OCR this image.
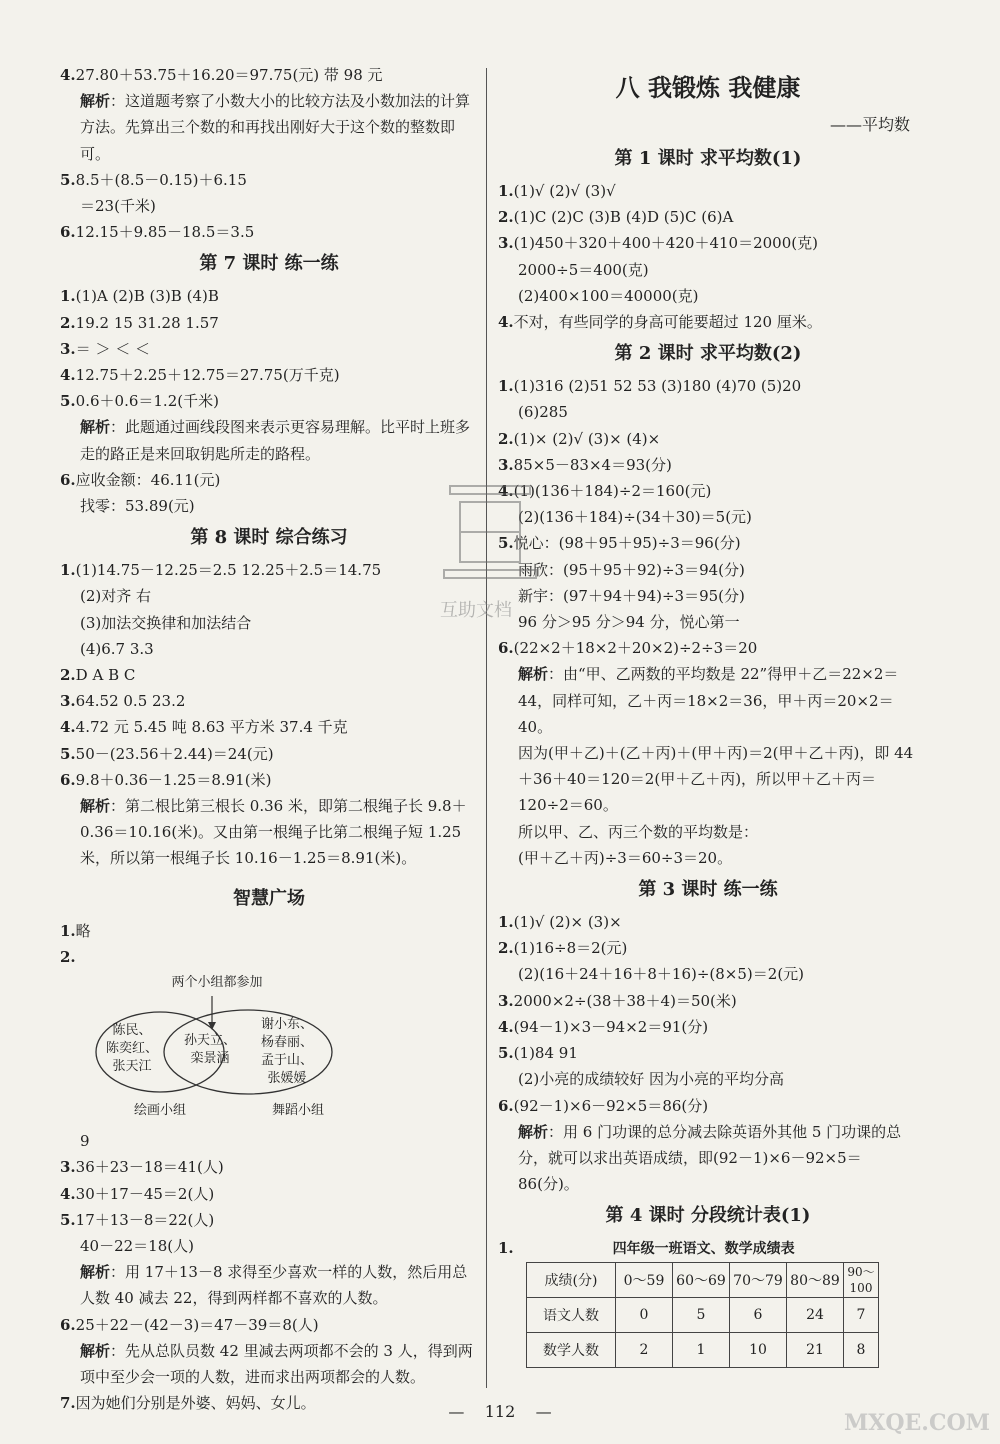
4.27.80＋53.75＋16.20＝97.75(元) 带 98 元
解析：这道题考察了小数大小的比较方法及小数加法的计算方法。先算出三个数的和再找出刚好大于这个数的整数即可。
5.8.5＋(8.5－0.15)＋6.15
＝23(千米)
6.12.15＋9.85－18.5＝3.5
第 7 课时 练一练
1.(1)A (2)B (3)B (4)B
2.19.2 15 31.28 1.57
3.＝ ＞ ＜ ＜
4.12.75＋2.25＋12.75＝27.75(万千克)
5.0.6＋0.6＝1.2(千米)
解析：此题通过画线段图来表示更容易理解。比平时上班多走的路正是来回取钥匙所走的路程。
6.应收金额：46.11(元)
找零：53.89(元)
第 8 课时 综合练习
1.(1)14.75－12.25＝2.5 12.25＋2.5＝14.75
(2)对齐 右
(3)加法交换律和加法结合
(4)6.7 3.3
2.D A B C
3.64.52 0.5 23.2
4.4.72 元 5.45 吨 8.63 平方米 37.4 千克
5.50－(23.56＋2.44)＝24(元)
6.9.8＋0.36－1.25＝8.91(米)
解析：第二根比第三根长 0.36 米，即第二根绳子长 9.8＋0.36＝10.16(米)。又由第一根绳子比第二根绳子短 1.25 米，所以第一根绳子长 10.16－1.25＝8.91(米)。
智慧广场
1.略
2.
两个小组都参加
陈民、
陈奕红、
张天江
孙天立、
栾景涵
谢小东、
杨春丽、
孟于山、
张媛媛
绘画小组	舞蹈小组
9
3.36＋23－18＝41(人)
4.30＋17－45＝2(人)
5.17＋13－8＝22(人)
40－22＝18(人)
解析：用 17＋13－8 求得至少喜欢一样的人数，然后用总人数 40 减去 22，得到两样都不喜欢的人数。
6.25＋22－(42－3)＝47－39＝8(人)
解析：先从总队员数 42 里减去两项都不会的 3 人，得到两项中至少会一项的人数，进而求出两项都会的人数。
7.因为她们分别是外婆、妈妈、女儿。
八 我锻炼 我健康
——平均数
第 1 课时 求平均数(1)
1.(1)√ (2)√ (3)√
2.(1)C (2)C (3)B (4)D (5)C (6)A
3.(1)450＋320＋400＋420＋410＝2000(克)
2000÷5＝400(克)
(2)400×100＝40000(克)
4.不对，有些同学的身高可能要超过 120 厘米。
第 2 课时 求平均数(2)
1.(1)316 (2)51 52 53 (3)180 (4)70 (5)20
(6)285
2.(1)× (2)√ (3)× (4)×
3.85×5－83×4＝93(分)
4.(1)(136＋184)÷2＝160(元)
(2)(136＋184)÷(34＋30)＝5(元)
5.悦心：(98＋95＋95)÷3＝96(分)
雨欣：(95＋95＋92)÷3＝94(分)
新宇：(97＋94＋94)÷3＝95(分)
96 分＞95 分＞94 分，悦心第一
6.(22×2＋18×2＋20×2)÷2÷3＝20
解析：由“甲、乙两数的平均数是 22”得甲＋乙＝22×2＝44，同样可知，乙＋丙＝18×2＝36，甲＋丙＝20×2＝40。
因为(甲＋乙)＋(乙＋丙)＋(甲＋丙)＝2(甲＋乙＋丙)，即 44＋36＋40＝120＝2(甲＋乙＋丙)，所以甲＋乙＋丙＝120÷2＝60。
所以甲、乙、丙三个数的平均数是：
(甲＋乙＋丙)÷3＝60÷3＝20。
第 3 课时 练一练
1.(1)√ (2)× (3)×
2.(1)16÷8＝2(元)
(2)(16＋24＋16＋8＋16)÷(8×5)＝2(元)
3.2000×2÷(38＋38＋4)＝50(米)
4.(94－1)×3－94×2＝91(分)
5.(1)84 91
(2)小亮的成绩较好 因为小亮的平均分高
6.(92－1)×6－92×5＝86(分)
解析：用 6 门功课的总分减去除英语外其他 5 门功课的总分，就可以求出英语成绩，即(92－1)×6－92×5＝86(分)。
第 4 课时 分段统计表(1)
1.	四年级一班语文、数学成绩表
成绩(分)	0～59	60～69	70～79	80～89	90～100
语文人数	0	5	6	24	7
数学人数	2	1	10	21	8
互助文档
— 112 —	MXQE.COM
